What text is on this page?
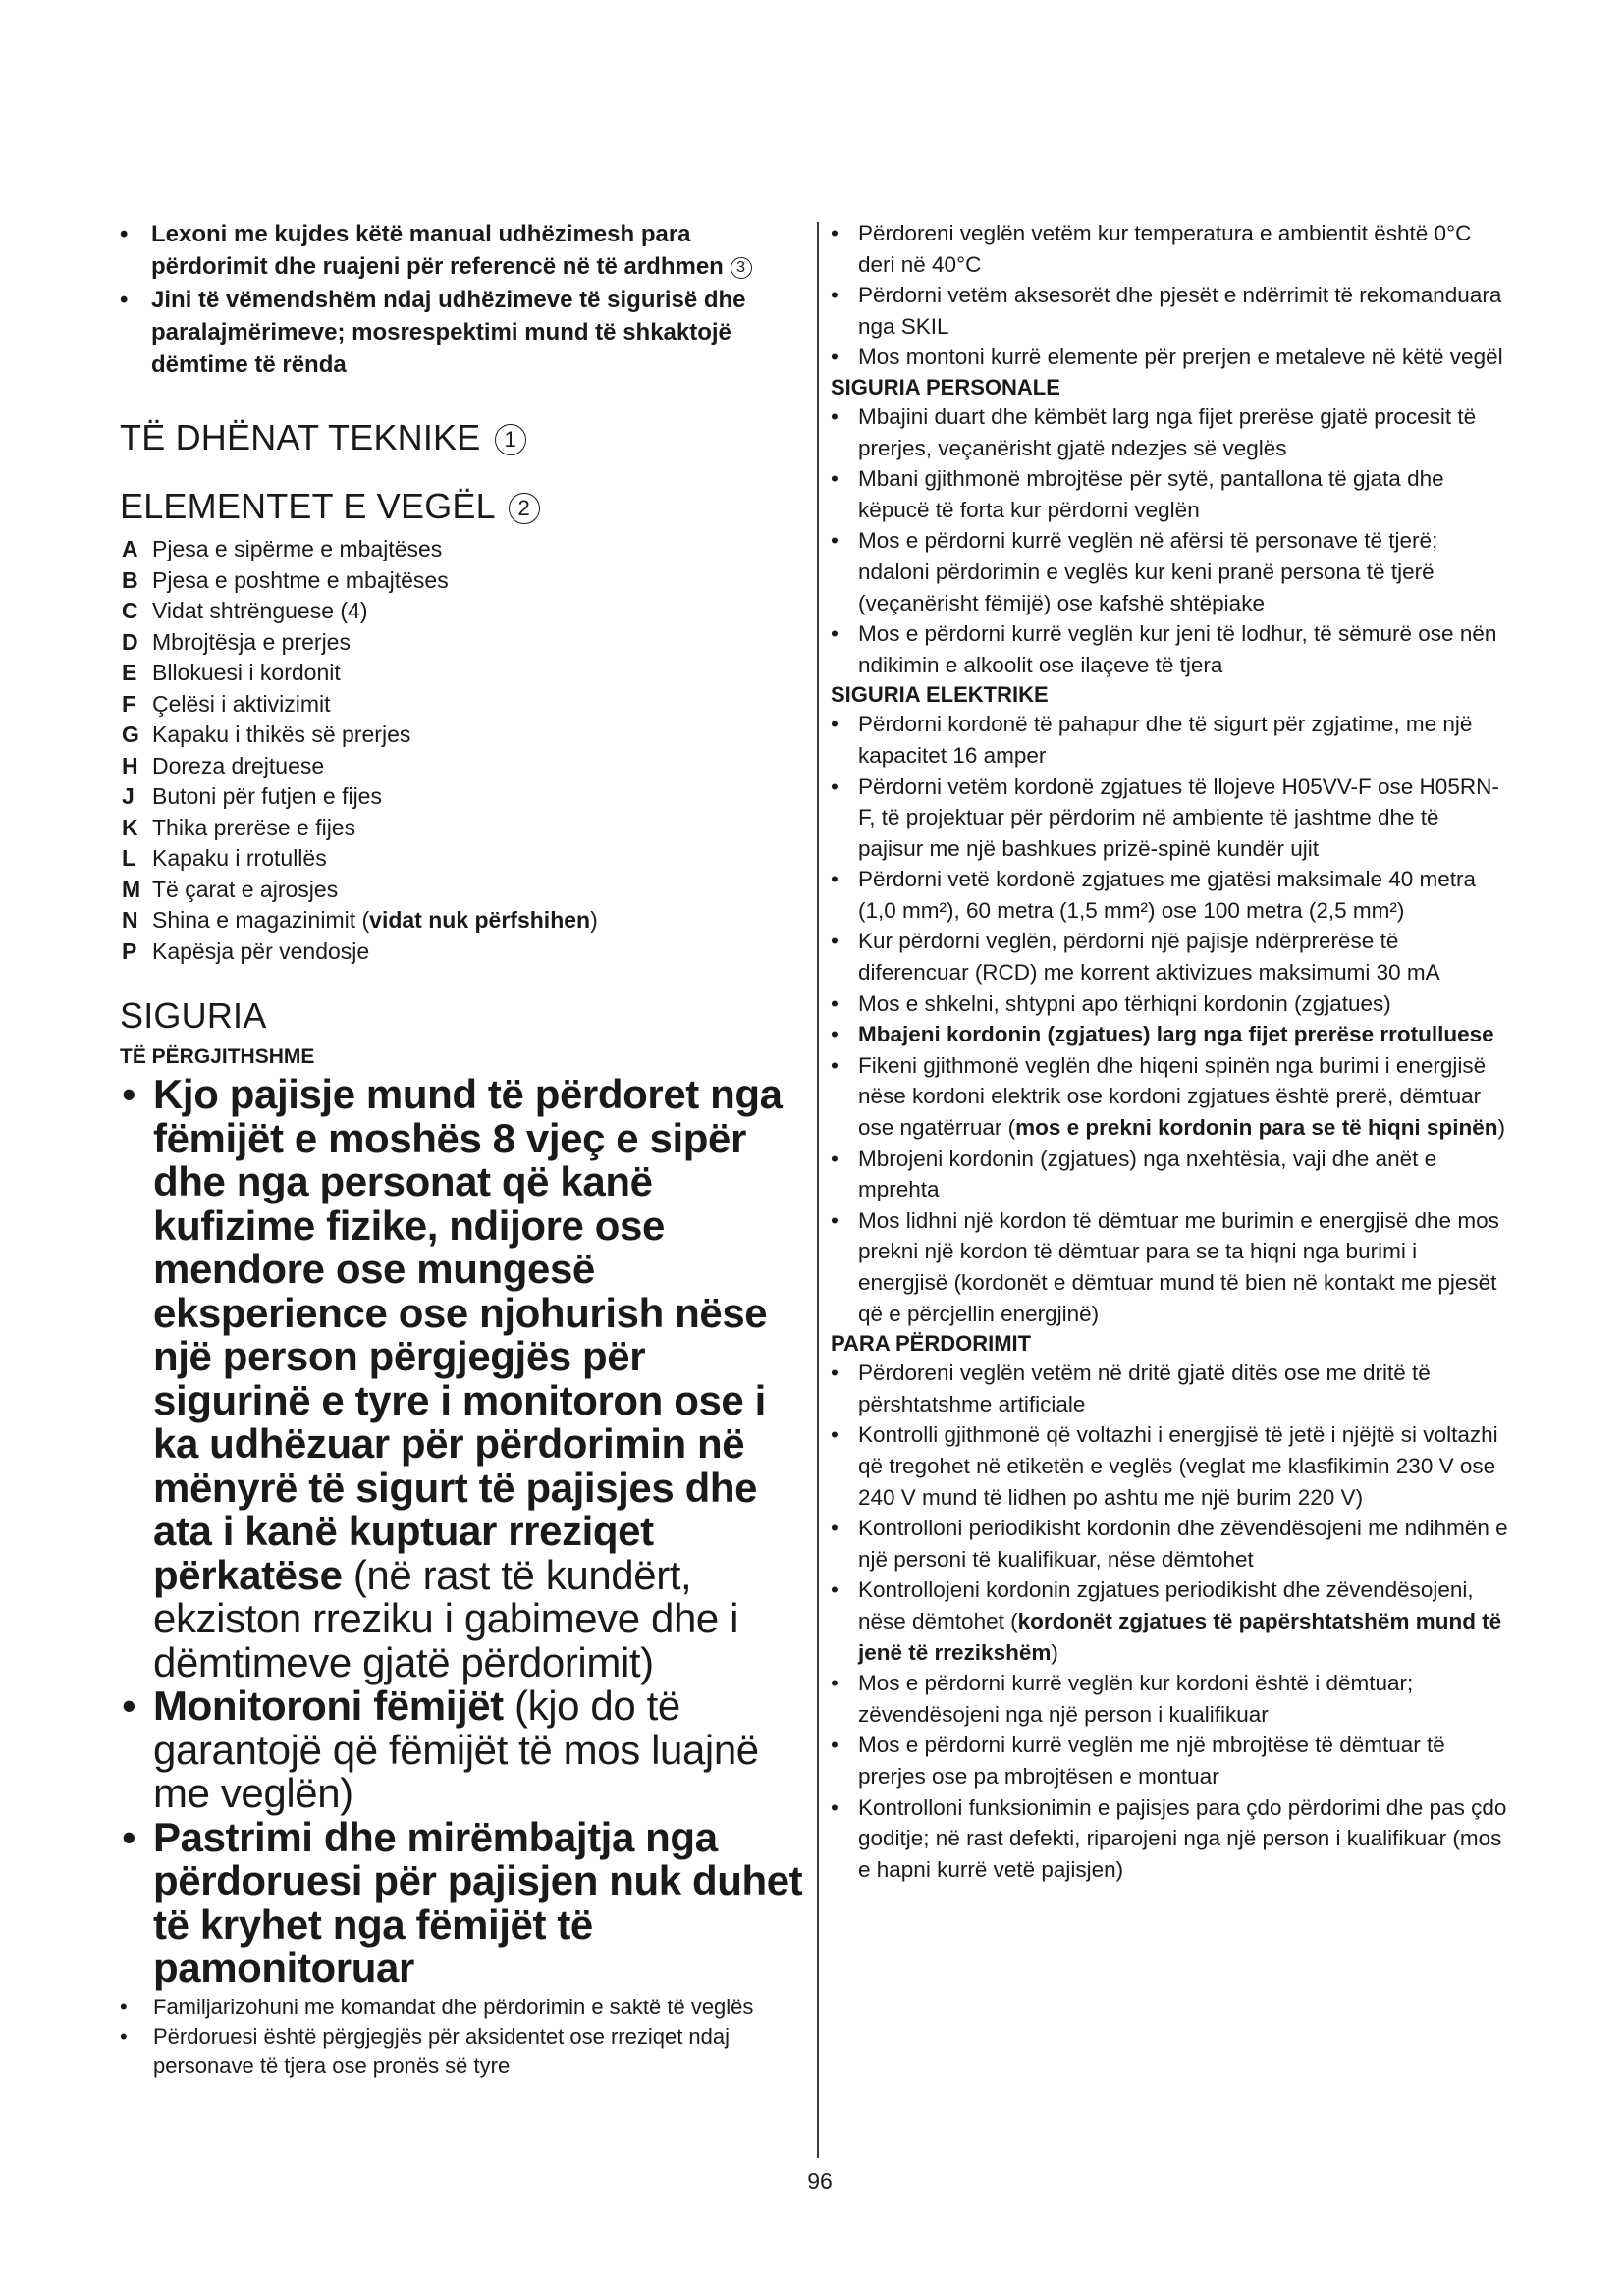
• Lexoni me kujdes këtë manual udhëzimesh para përdorimit dhe ruajeni për referencë në të ardhmen 3
• Jini të vëmendshëm ndaj udhëzimeve të sigurisë dhe paralajmërimeve; mosrespektimi mund të shkaktojë dëmtime të rënda
TË DHËNAT TEKNIKE 1
ELEMENTET E VEGËL 2
A Pjesa e sipërme e mbajtëses
B Pjesa e poshtme e mbajtëses
C Vidat shtrënguese (4)
D Mbrojtësja e prerjes
E Bllokuesi i kordonit
F Çelësi i aktivizimit
G Kapaku i thikës së prerjes
H Doreza drejtuese
J Butoni për futjen e fijes
K Thika prerëse e fijes
L Kapaku i rrotullës
M Të çarat e ajrosjes
N Shina e magazinimit (vidat nuk përfshihen)
P Kapësja për vendosje
SIGURIA
TË PËRGJITHSHME
• Kjo pajisje mund të përdoret nga fëmijët e moshës 8 vjeç e sipër dhe nga personat që kanë kufizime fizike, ndijore ose mendore ose mungesë eksperience ose njohurish nëse një person përgjegjës për sigurinë e tyre i monitoron ose i ka udhëzuar për përdorimin në mënyrë të sigurt të pajisjes dhe ata i kanë kuptuar rreziqet përkatëse (në rast të kundërt, ekziston rreziku i gabimeve dhe i dëmtimeve gjatë përdorimit)
• Monitoroni fëmijët (kjo do të garantojë që fëmijët të mos luajnë me veglën)
• Pastrimi dhe mirëmbajtja nga përdoruesi për pajisjen nuk duhet të kryhet nga fëmijët të pamonitoruar
• Familjarizohuni me komandat dhe përdorimin e saktë të veglës
• Përdoruesi është përgjegjës për aksidentet ose rreziqet ndaj personave të tjera ose pronës së tyre
• Përdoreni veglën vetëm kur temperatura e ambientit është 0°C deri në 40°C
• Përdorni vetëm aksesorët dhe pjesët e ndërrimit të rekomanduara nga SKIL
• Mos montoni kurrë elemente për prerjen e metaleve në këtë vegël
SIGURIA PERSONALE
• Mbajini duart dhe këmbët larg nga fijet prerëse gjatë procesit të prerjes, veçanërisht gjatë ndezjes së veglës
• Mbani gjithmonë mbrojtëse për sytë, pantallona të gjata dhe këpucë të forta kur përdorni veglën
• Mos e përdorni kurrë veglën në afërsi të personave të tjerë; ndaloni përdorimin e veglës kur keni pranë persona të tjerë (veçanërisht fëmijë) ose kafshë shtëpiake
• Mos e përdorni kurrë veglën kur jeni të lodhur, të sëmurë ose nën ndikimin e alkoolit ose ilaçeve të tjera
SIGURIA ELEKTRIKE
• Përdorni kordonë të pahapur dhe të sigurt për zgjatime, me një kapacitet 16 amper
• Përdorni vetëm kordonë zgjatues të llojeve H05VV-F ose H05RN-F, të projektuar për përdorim në ambiente të jashtme dhe të pajisur me një bashkues prizë-spinë kundër ujit
• Përdorni vetë kordonë zgjatues me gjatësi maksimale 40 metra (1,0 mm²), 60 metra (1,5 mm²) ose 100 metra (2,5 mm²)
• Kur përdorni veglën, përdorni një pajisje ndërprerëse të diferencuar (RCD) me korrent aktivizues maksimumi 30 mA
• Mos e shkelni, shtypni apo tërhiqni kordonin (zgjatues)
• Mbajeni kordonin (zgjatues) larg nga fijet prerëse rrotulluese
• Fikeni gjithmonë veglën dhe hiqeni spinën nga burimi i energjisë nëse kordoni elektrik ose kordoni zgjatues është prerë, dëmtuar ose ngatërruar (mos e prekni kordonin para se të hiqni spinën)
• Mbrojeni kordonin (zgjatues) nga nxehtësia, vaji dhe anët e mprehta
• Mos lidhni një kordon të dëmtuar me burimin e energjisë dhe mos prekni një kordon të dëmtuar para se ta hiqni nga burimi i energjisë (kordonët e dëmtuar mund të bien në kontakt me pjesët që e përcjellin energjinë)
PARA PËRDORIMIT
• Përdoreni veglën vetëm në dritë gjatë ditës ose me dritë të përshtatshme artificiale
• Kontrolli gjithmonë që voltazhi i energjisë të jetë i njëjtë si voltazhi që tregohet në etiketën e veglës (veglat me klasfikimin 230 V ose 240 V mund të lidhen po ashtu me një burim 220 V)
• Kontrolloni periodikisht kordonin dhe zëvendësojeni me ndihmën e një personi të kualifikuar, nëse dëmtohet
• Kontrollojeni kordonin zgjatues periodikisht dhe zëvendësojeni, nëse dëmtohet (kordonët zgjatues të papërshtatshëm mund të jenë të rrezikshëm)
• Mos e përdorni kurrë veglën kur kordoni është i dëmtuar; zëvendësojeni nga një person i kualifikuar
• Mos e përdorni kurrë veglën me një mbrojtëse të dëmtuar të prerjes ose pa mbrojtësen e montuar
• Kontrolloni funksionimin e pajisjes para çdo përdorimi dhe pas çdo goditje; në rast defekti, riparojeni nga një person i kualifikuar (mos e hapni kurrë vetë pajisjen)
96
